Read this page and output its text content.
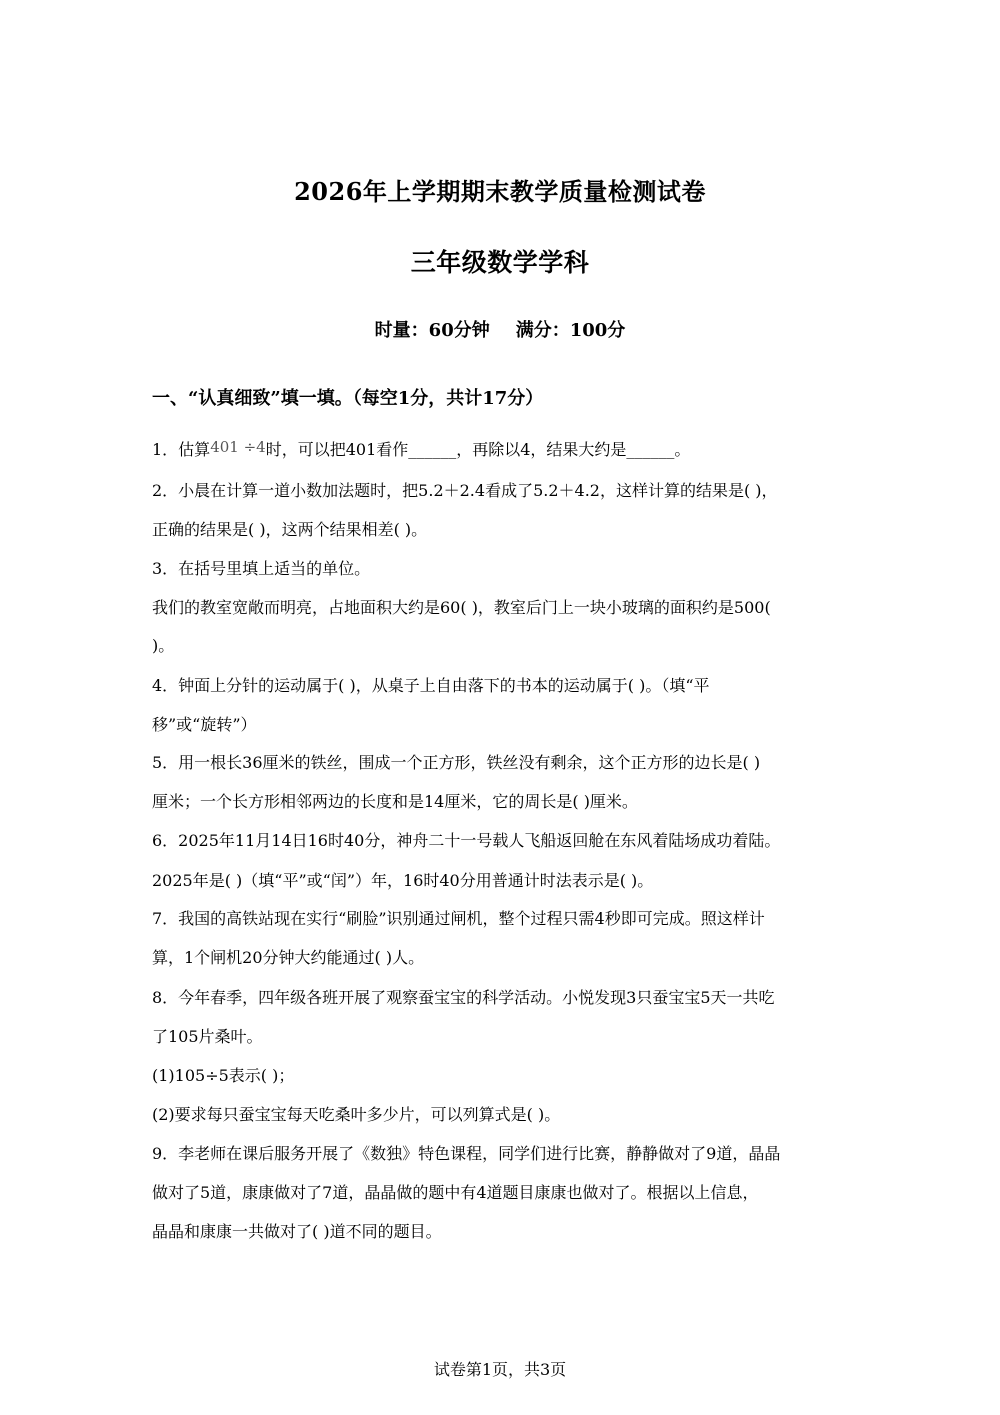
2026年上学期期末教学质量检测试卷
三年级数学学科
时量：60分钟 满分：100分
一、“认真细致”填一填。（每空1分，共计17分）
1．估算401 ÷4时，可以把401看作______，再除以4，结果大约是______。
2．小晨在计算一道小数加法题时，把5.2＋2.4看成了5.2＋4.2，这样计算的结果是( )，
正确的结果是( )，这两个结果相差( )。
3．在括号里填上适当的单位。
我们的教室宽敞而明亮，占地面积大约是60( )，教室后门上一块小玻璃的面积约是500(
)。
4．钟面上分针的运动属于( )，从桌子上自由落下的书本的运动属于( )。（填“平
移”或“旋转”）
5．用一根长36厘米的铁丝，围成一个正方形，铁丝没有剩余，这个正方形的边长是( )
厘米；一个长方形相邻两边的长度和是14厘米，它的周长是( )厘米。
6．2025年11月14日16时40分，神舟二十一号载人飞船返回舱在东风着陆场成功着陆。
2025年是( )（填“平”或“闰”）年，16时40分用普通计时法表示是( )。
7．我国的高铁站现在实行“刷脸”识别通过闸机，整个过程只需4秒即可完成。照这样计
算，1个闸机20分钟大约能通过( )人。
8．今年春季，四年级各班开展了观察蚕宝宝的科学活动。小悦发现3只蚕宝宝5天一共吃
了105片桑叶。
(1)105÷5表示( )；
(2)要求每只蚕宝宝每天吃桑叶多少片，可以列算式是( )。
9．李老师在课后服务开展了《数独》特色课程，同学们进行比赛，静静做对了9道，晶晶
做对了5道，康康做对了7道，晶晶做的题中有4道题目康康也做对了。根据以上信息，
晶晶和康康一共做对了( )道不同的题目。
试卷第1页，共3页
